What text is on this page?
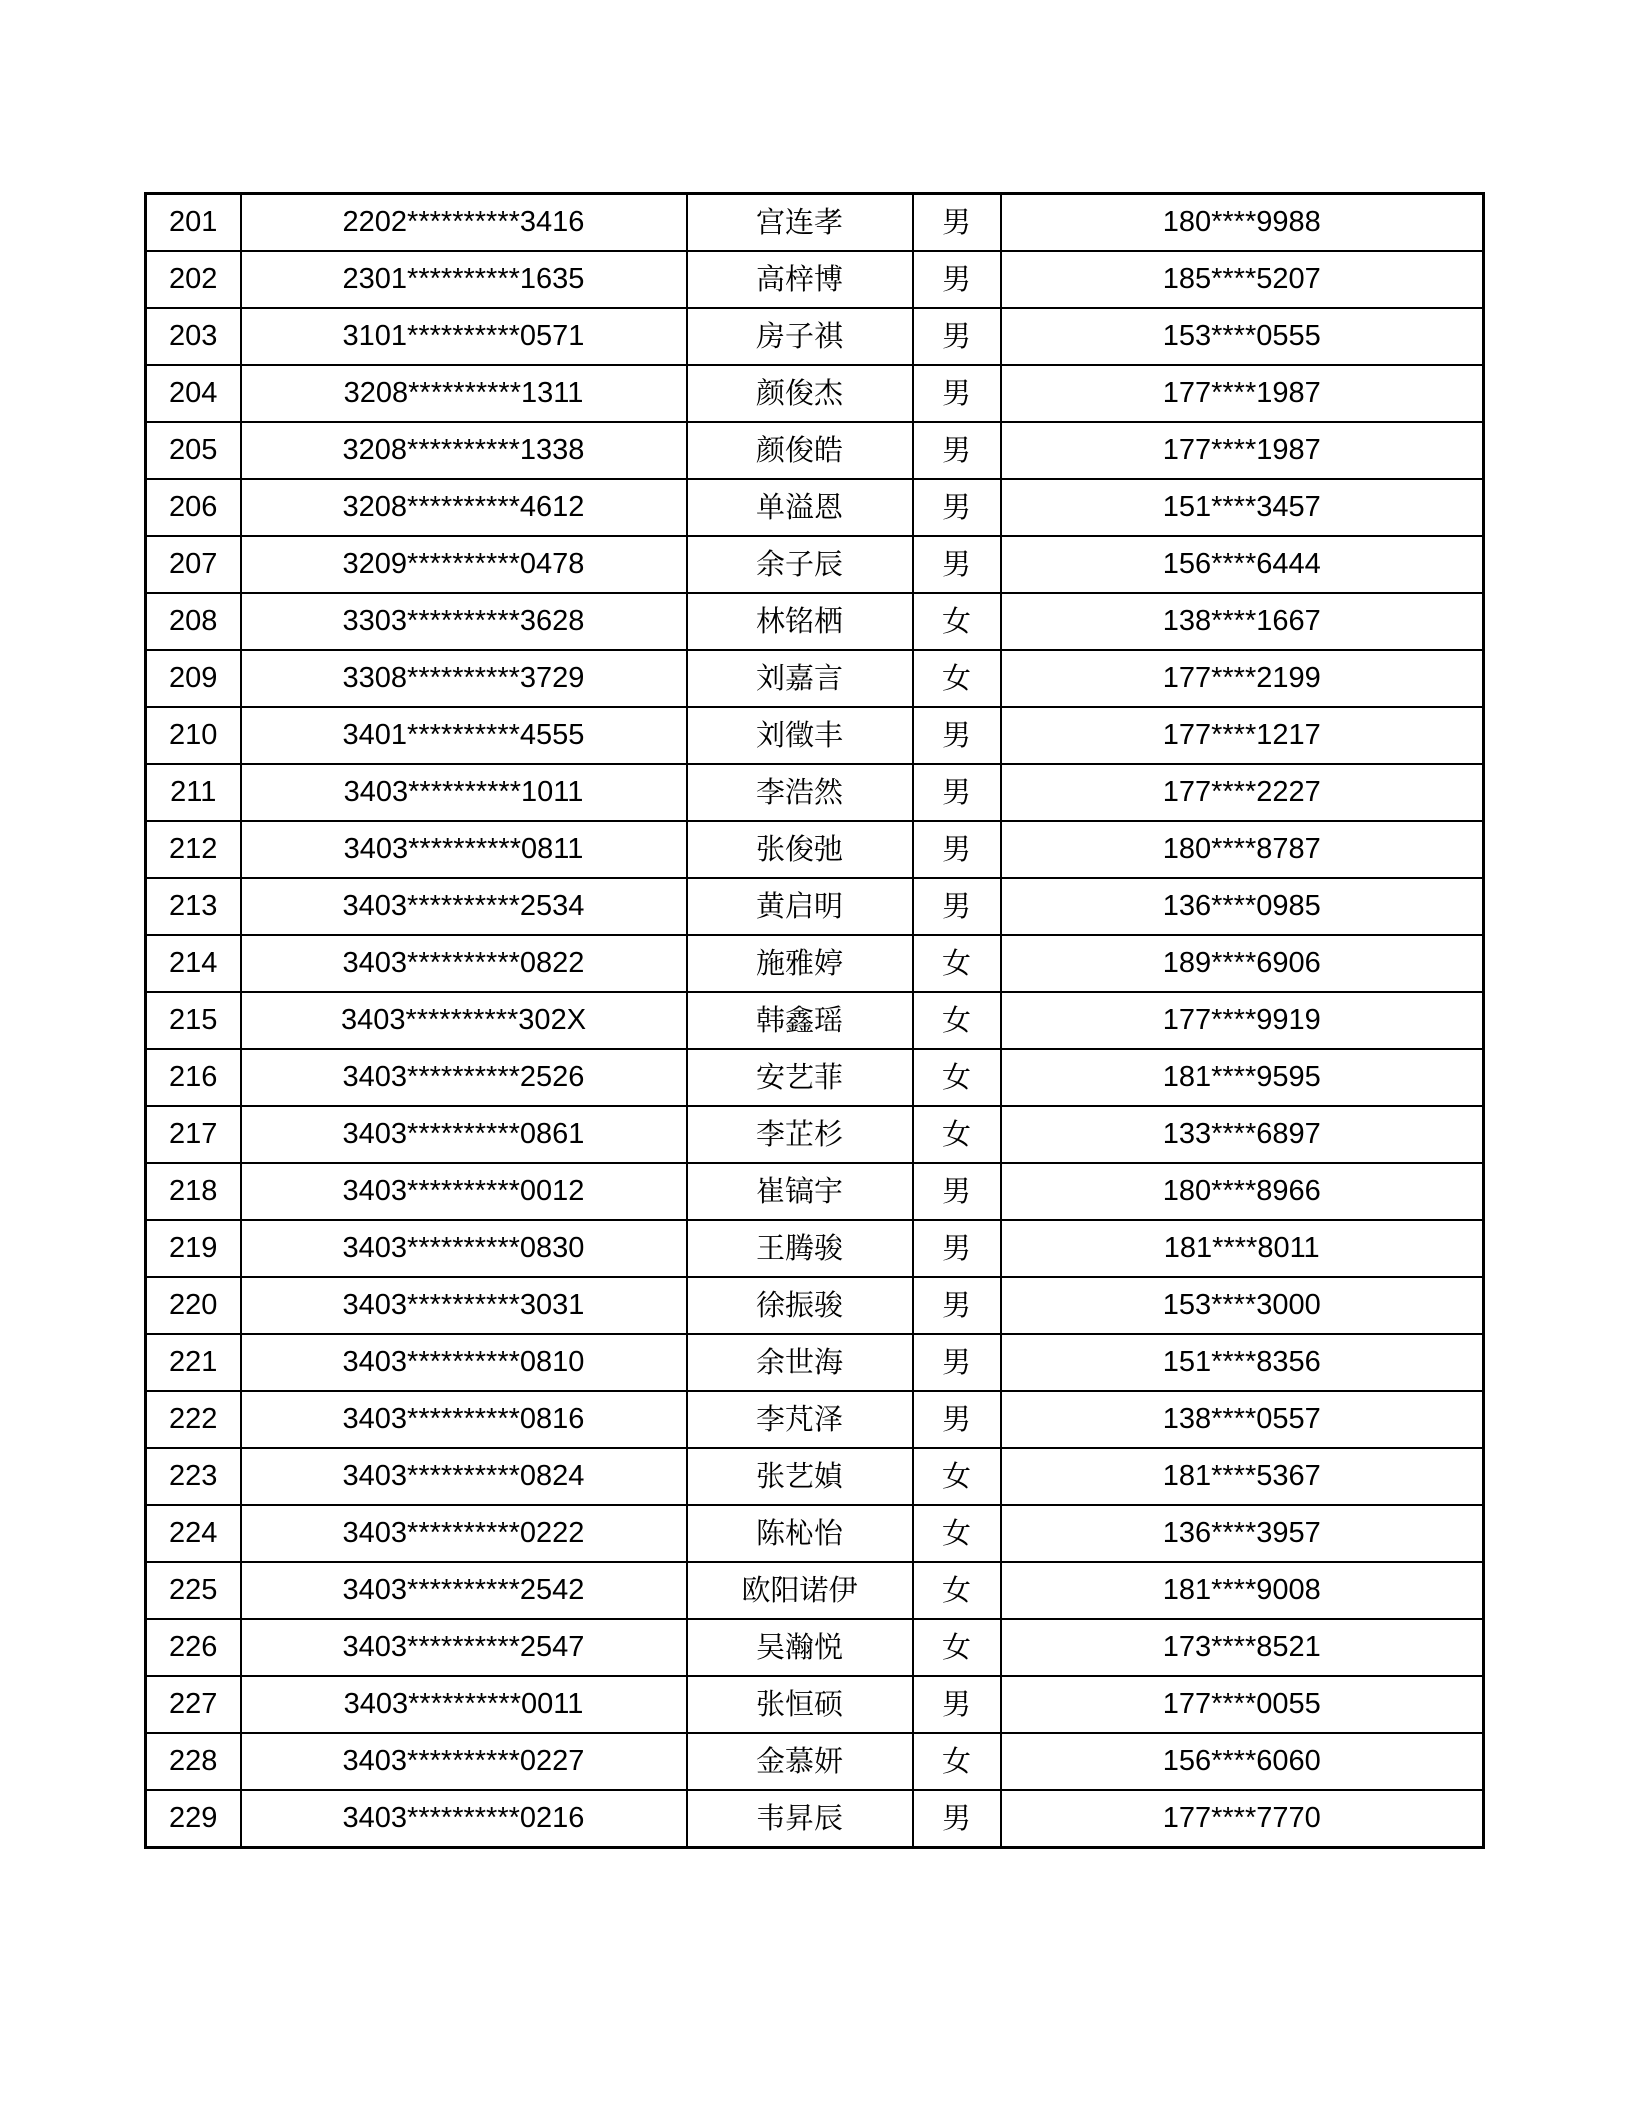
201	2202**********3416	宫连孝	男	180****9988
202	2301**********1635	高梓博	男	185****5207
203	3101**********0571	房子祺	男	153****0555
204	3208**********1311	颜俊杰	男	177****1987
205	3208**********1338	颜俊皓	男	177****1987
206	3208**********4612	单溢恩	男	151****3457
207	3209**********0478	余子辰	男	156****6444
208	3303**********3628	林铭栖	女	138****1667
209	3308**********3729	刘嘉言	女	177****2199
210	3401**********4555	刘徵丰	男	177****1217
211	3403**********1011	李浩然	男	177****2227
212	3403**********0811	张俊弛	男	180****8787
213	3403**********2534	黄启明	男	136****0985
214	3403**********0822	施雅婷	女	189****6906
215	3403**********302X	韩鑫瑶	女	177****9919
216	3403**********2526	安艺菲	女	181****9595
217	3403**********0861	李芷杉	女	133****6897
218	3403**********0012	崔镐宇	男	180****8966
219	3403**********0830	王腾骏	男	181****8011
220	3403**********3031	徐振骏	男	153****3000
221	3403**********0810	余世海	男	151****8356
222	3403**********0816	李芃泽	男	138****0557
223	3403**********0824	张艺媜	女	181****5367
224	3403**********0222	陈杺怡	女	136****3957
225	3403**********2542	欧阳诺伊	女	181****9008
226	3403**********2547	吴瀚悦	女	173****8521
227	3403**********0011	张恒硕	男	177****0055
228	3403**********0227	金慕妍	女	156****6060
229	3403**********0216	韦昇辰	男	177****7770
